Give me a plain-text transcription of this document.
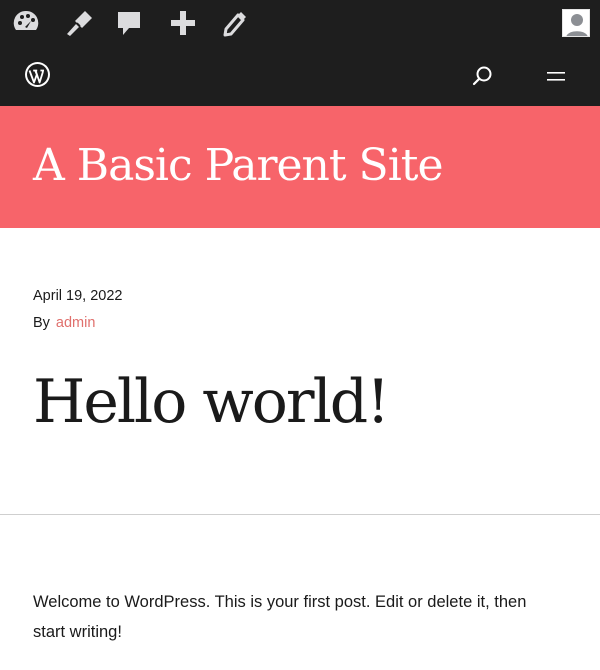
A Basic Parent Site
April 19, 2022
By admin
Hello world!

Welcome to WordPress. This is your first post. Edit or delete it, then start writing!
